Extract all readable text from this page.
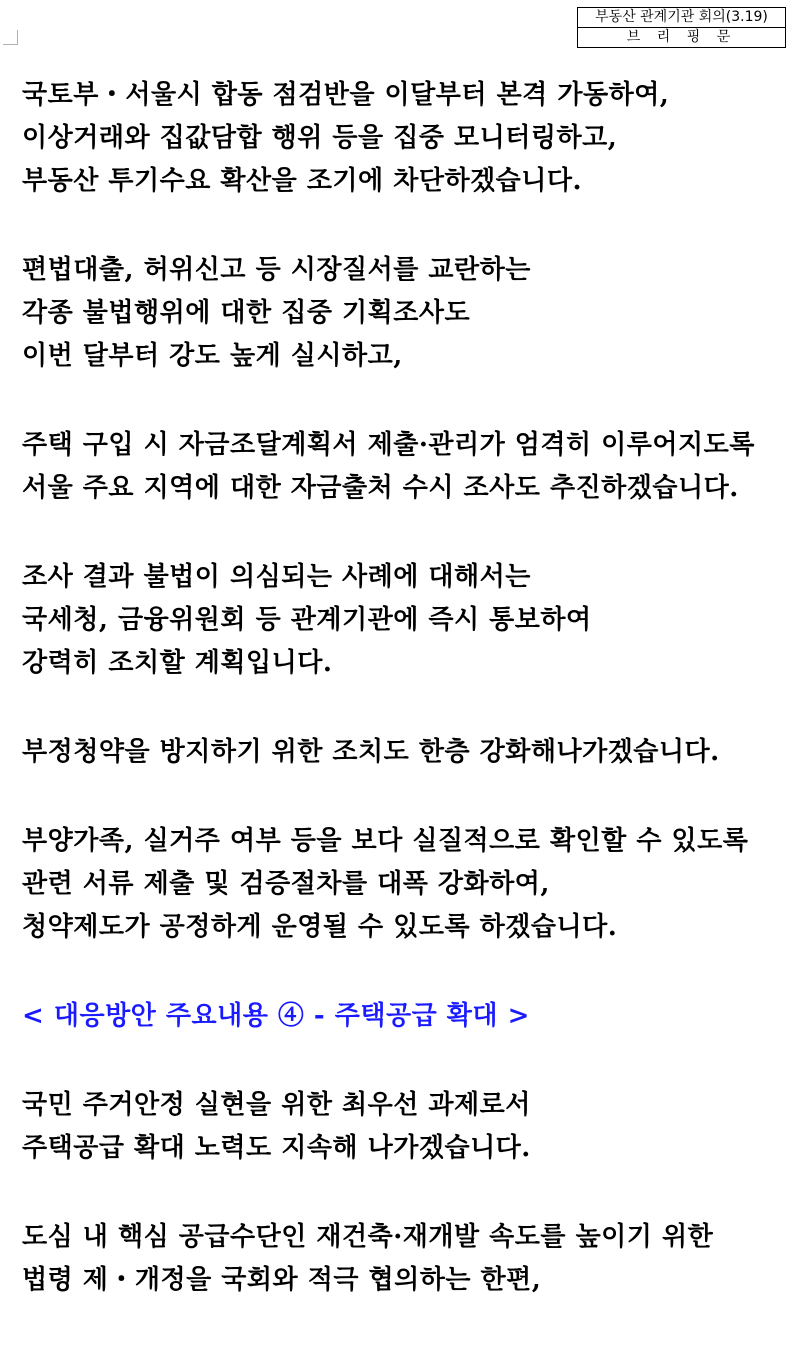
부동산 관계기관 회의(3.19)
브 리 핑 문
국토부・서울시 합동 점검반을 이달부터 본격 가동하여,
이상거래와 집값담합 행위 등을 집중 모니터링하고,
부동산 투기수요 확산을 조기에 차단하겠습니다.
편법대출, 허위신고 등 시장질서를 교란하는
각종 불법행위에 대한 집중 기획조사도
이번 달부터 강도 높게 실시하고,
주택 구입 시 자금조달계획서 제출·관리가 엄격히 이루어지도록
서울 주요 지역에 대한 자금출처 수시 조사도 추진하겠습니다.
조사 결과 불법이 의심되는 사례에 대해서는
국세청, 금융위원회 등 관계기관에 즉시 통보하여
강력히 조치할 계획입니다.
부정청약을 방지하기 위한 조치도 한층 강화해나가겠습니다.
부양가족, 실거주 여부 등을 보다 실질적으로 확인할 수 있도록
관련 서류 제출 및 검증절차를 대폭 강화하여,
청약제도가 공정하게 운영될 수 있도록 하겠습니다.
< 대응방안 주요내용 ④ - 주택공급 확대 >
국민 주거안정 실현을 위한 최우선 과제로서
주택공급 확대 노력도 지속해 나가겠습니다.
도심 내 핵심 공급수단인 재건축·재개발 속도를 높이기 위한
법령 제・개정을 국회와 적극 협의하는 한편,
